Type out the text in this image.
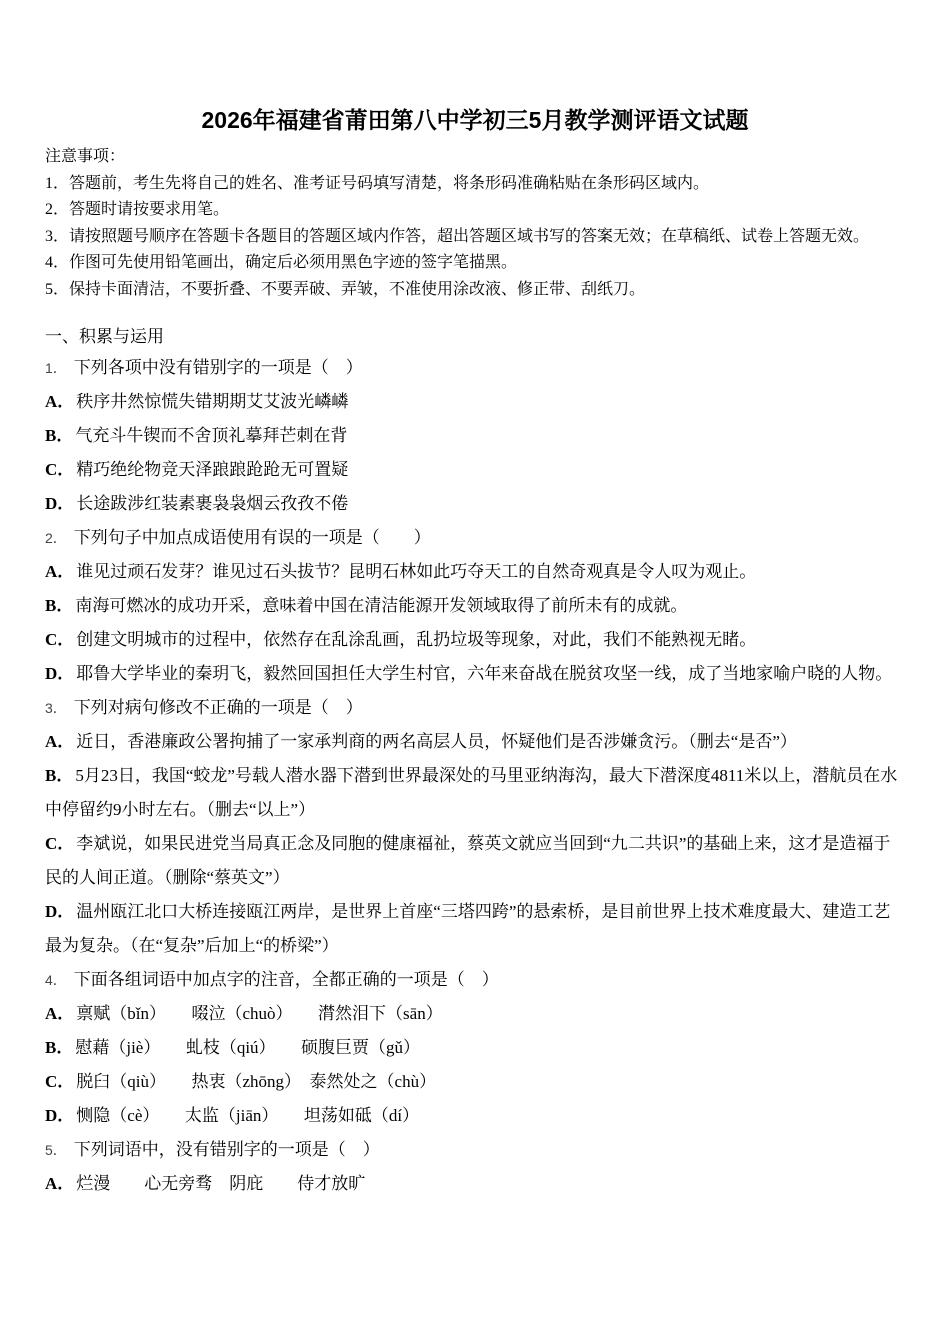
2026年福建省莆田第八中学初三5月教学测评语文试题

注意事项：

1．答题前，考生先将自己的姓名、准考证号码填写清楚，将条形码准确粘贴在条形码区域内。

2．答题时请按要求用笔。

3．请按照题号顺序在答题卡各题目的答题区域内作答，超出答题区域书写的答案无效；在草稿纸、试卷上答题无效。

4．作图可先使用铅笔画出，确定后必须用黑色字迹的签字笔描黑。

5．保持卡面清洁，不要折叠、不要弄破、弄皱，不准使用涂改液、修正带、刮纸刀。

一、积累与运用

1． 下列各项中没有错别字的一项是（　）

A． 秩序井然惊慌失错期期艾艾波光嶙嶙

B． 气充斗牛锲而不舍顶礼摹拜芒刺在背

C． 精巧绝纶物竞天泽踉踉跄跄无可置疑

D． 长途跋涉红装素裹袅袅烟云孜孜不倦

2． 下列句子中加点成语使用有误的一项是（　　）

A． 谁见过顽石发芽？谁见过石头拔节？昆明石林如此巧夺天工的自然奇观真是令人叹为观止。

B． 南海可燃冰的成功开采，意味着中国在清洁能源开发领域取得了前所未有的成就。

C． 创建文明城市的过程中，依然存在乱涂乱画，乱扔垃圾等现象，对此，我们不能熟视无睹。

D． 耶鲁大学毕业的秦玥飞，毅然回国担任大学生村官，六年来奋战在脱贫攻坚一线，成了当地家喻户晓的人物。

3． 下列对病句修改不正确的一项是（　）

A． 近日，香港廉政公署拘捕了一家承判商的两名高层人员，怀疑他们是否涉嫌贪污。（删去“是否”）

B． 5月23日，我国“蛟龙”号载人潜水器下潜到世界最深处的马里亚纳海沟，最大下潜深度4811米以上，潜航员在水中停留约9小时左右。（删去“以上”）

C． 李斌说，如果民进党当局真正念及同胞的健康福祉，蔡英文就应当回到“九二共识”的基础上来，这才是造福于民的人间正道。（删除“蔡英文”）

D． 温州瓯江北口大桥连接瓯江两岸，是世界上首座“三塔四跨”的悬索桥，是目前世界上技术难度最大、建造工艺最为复杂。（在“复杂”后加上“的桥梁”）

4． 下面各组词语中加点字的注音，全都正确的一项是（　）

A． 禀赋（bǐn）　　啜泣（chuò）　　潸然泪下（sān）

B． 慰藉（jiè）　　虬枝（qiú）　　硕腹巨贾（gǔ）

C． 脱臼（qiù）　　热衷（zhōng）　泰然处之（chù）

D． 恻隐（cè）　　太监（jiān）　　坦荡如砥（dí）

5． 下列词语中，没有错别字的一项是（　）

A． 烂漫　　心无旁骛　阴庇　　侍才放旷
